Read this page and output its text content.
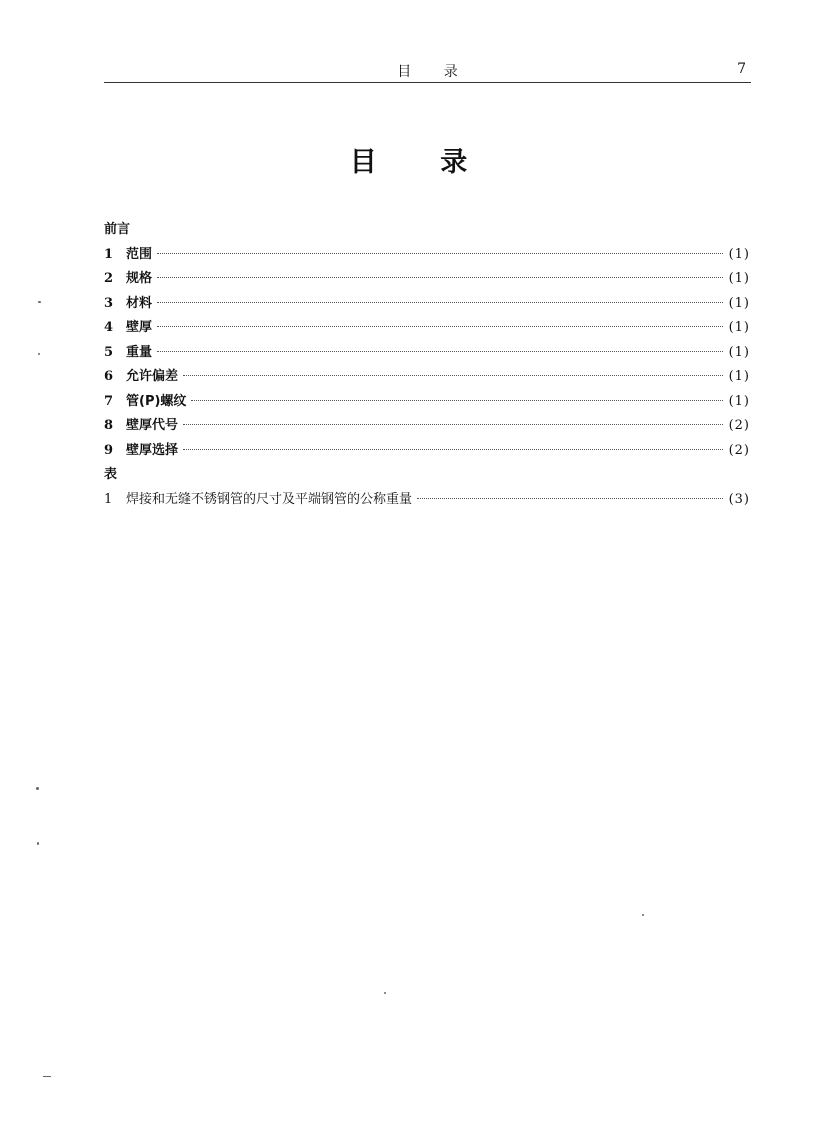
目 录	7
目 录
前言
1 范围	(1)
2 规格	(1)
3 材料	(1)
4 壁厚	(1)
5 重量	(1)
6 允许偏差	(1)
7 管(P)螺纹	(1)
8 壁厚代号	(2)
9 壁厚选择	(2)
表
1	焊接和无缝不锈钢管的尺寸及平端钢管的公称重量	(3)
